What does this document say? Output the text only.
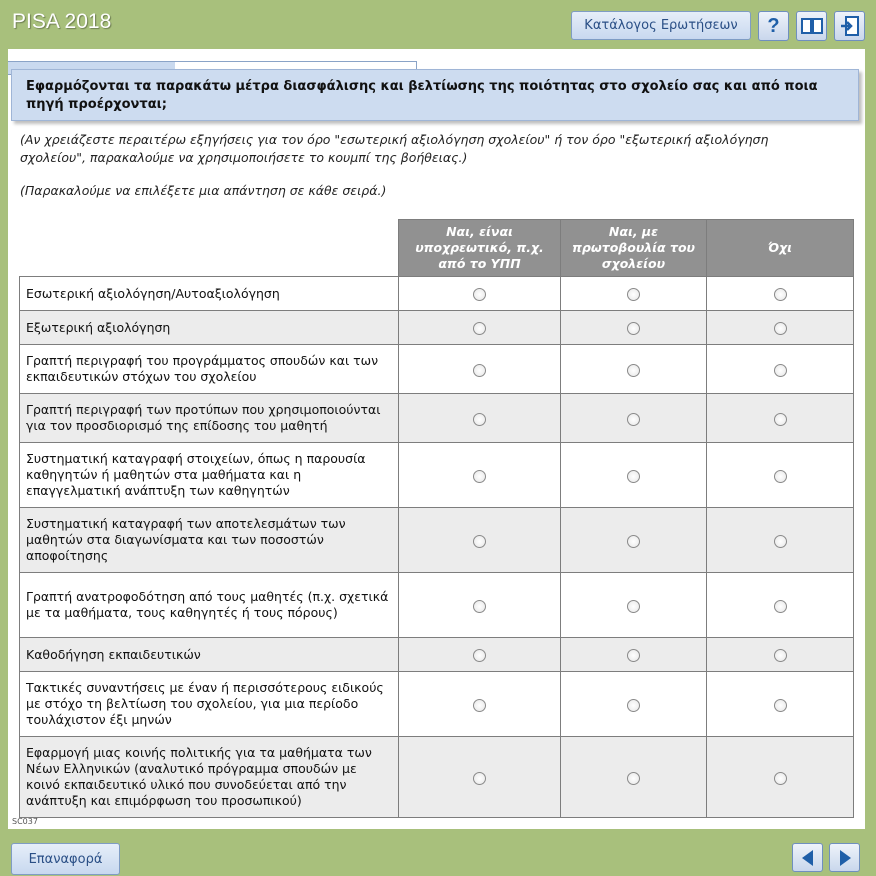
PISA 2018	Κατάλογος Ερωτήσεων	?
Εφαρμόζονται τα παρακάτω μέτρα διασφάλισης και βελτίωσης της ποιότητας στο σχολείο σας και από ποια πηγή προέρχονται;
(Αν χρειάζεστε περαιτέρω εξηγήσεις για τον όρο "εσωτερική αξιολόγηση σχολείου" ή τον όρο "εξωτερική αξιολόγηση σχολείου", παρακαλούμε να χρησιμοποιήσετε το κουμπί της βοήθειας.)
(Παρακαλούμε να επιλέξετε μια απάντηση σε κάθε σειρά.)
	Ναι, είναι υποχρεωτικό, π.χ. από το ΥΠΠ	Ναι, με πρωτοβουλία του σχολείου	Όχι
Εσωτερική αξιολόγηση/Αυτοαξιολόγηση			
Εξωτερική αξιολόγηση			
Γραπτή περιγραφή του προγράμματος σπουδών και των εκπαιδευτικών στόχων του σχολείου			
Γραπτή περιγραφή των προτύπων που χρησιμοποιούνται για τον προσδιορισμό της επίδοσης του μαθητή			
Συστηματική καταγραφή στοιχείων, όπως η παρουσία καθηγητών ή μαθητών στα μαθήματα και η επαγγελματική ανάπτυξη των καθηγητών			
Συστηματική καταγραφή των αποτελεσμάτων των μαθητών στα διαγωνίσματα και των ποσοστών αποφοίτησης			
Γραπτή ανατροφοδότηση από τους μαθητές (π.χ. σχετικά με τα μαθήματα, τους καθηγητές ή τους πόρους)			
Καθοδήγηση εκπαιδευτικών			
Τακτικές συναντήσεις με έναν ή περισσότερους ειδικούς με στόχο τη βελτίωση του σχολείου, για μια περίοδο τουλάχιστον έξι μηνών			
Εφαρμογή μιας κοινής πολιτικής για τα μαθήματα των Νέων Ελληνικών (αναλυτικό πρόγραμμα σπουδών με κοινό εκπαιδευτικό υλικό που συνοδεύεται από την ανάπτυξη και επιμόρφωση του προσωπικού)			
SC037
Επαναφορά
